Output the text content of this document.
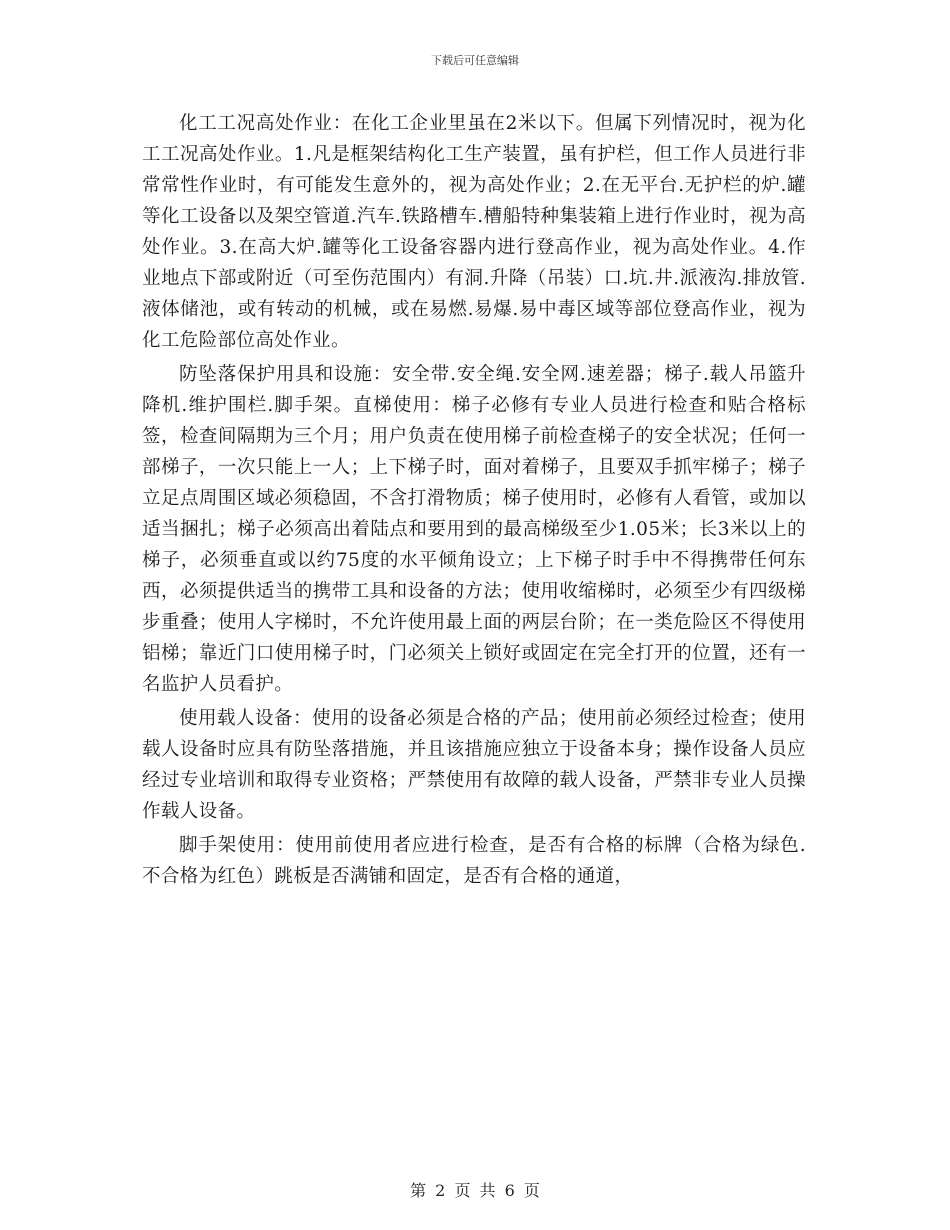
下载后可任意编辑

化工工况高处作业：在化工企业里虽在2米以下。但属下列情况时，视为化工工况高处作业。1.凡是框架结构化工生产装置，虽有护栏，但工作人员进行非常常性作业时，有可能发生意外的，视为高处作业；2.在无平台.无护栏的炉.罐等化工设备以及架空管道.汽车.铁路槽车.槽船特种集装箱上进行作业时，视为高处作业。3.在高大炉.罐等化工设备容器内进行登高作业，视为高处作业。4.作业地点下部或附近（可至伤范围内）有洞.升降（吊装）口.坑.井.派液沟.排放管.液体储池，或有转动的机械，或在易燃.易爆.易中毒区域等部位登高作业，视为化工危险部位高处作业。

防坠落保护用具和设施：安全带.安全绳.安全网.速差器；梯子.载人吊篮升降机.维护围栏.脚手架。直梯使用：梯子必修有专业人员进行检查和贴合格标签，检查间隔期为三个月；用户负责在使用梯子前检查梯子的安全状况；任何一部梯子，一次只能上一人；上下梯子时，面对着梯子，且要双手抓牢梯子；梯子立足点周围区域必须稳固，不含打滑物质；梯子使用时，必修有人看管，或加以适当捆扎；梯子必须高出着陆点和要用到的最高梯级至少1.05米；长3米以上的梯子，必须垂直或以约75度的水平倾角设立；上下梯子时手中不得携带任何东西，必须提供适当的携带工具和设备的方法；使用收缩梯时，必须至少有四级梯步重叠；使用人字梯时，不允许使用最上面的两层台阶；在一类危险区不得使用铝梯；靠近门口使用梯子时，门必须关上锁好或固定在完全打开的位置，还有一名监护人员看护。

使用载人设备：使用的设备必须是合格的产品；使用前必须经过检查；使用载人设备时应具有防坠落措施，并且该措施应独立于设备本身；操作设备人员应经过专业培训和取得专业资格；严禁使用有故障的载人设备，严禁非专业人员操作载人设备。

脚手架使用：使用前使用者应进行检查，是否有合格的标牌（合格为绿色.不合格为红色）跳板是否满铺和固定，是否有合格的通道，

第 2 页 共 6 页
